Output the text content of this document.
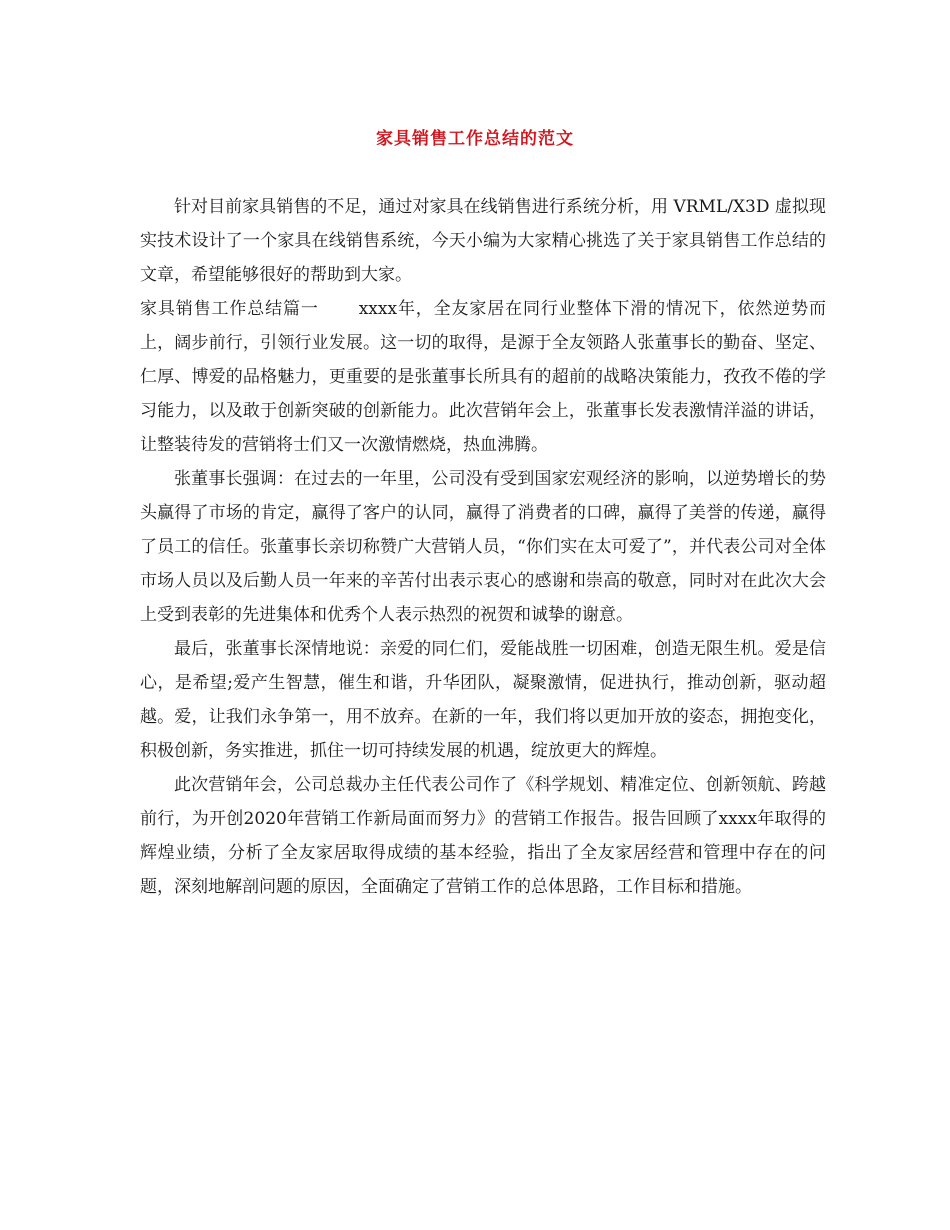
家具销售工作总结的范文

针对目前家具销售的不足，通过对家具在线销售进行系统分析，用 VRML/X3D 虚拟现实技术设计了一个家具在线销售系统，今天小编为大家精心挑选了关于家具销售工作总结的文章，希望能够很好的帮助到大家。

家具销售工作总结篇一 xxxx年，全友家居在同行业整体下滑的情况下，依然逆势而上，阔步前行，引领行业发展。这一切的取得，是源于全友领路人张董事长的勤奋、坚定、仁厚、博爱的品格魅力，更重要的是张董事长所具有的超前的战略决策能力，孜孜不倦的学习能力，以及敢于创新突破的创新能力。此次营销年会上，张董事长发表激情洋溢的讲话，让整装待发的营销将士们又一次激情燃烧，热血沸腾。

张董事长强调：在过去的一年里，公司没有受到国家宏观经济的影响，以逆势增长的势头赢得了市场的肯定，赢得了客户的认同，赢得了消费者的口碑，赢得了美誉的传递，赢得了员工的信任。张董事长亲切称赞广大营销人员，“你们实在太可爱了”，并代表公司对全体市场人员以及后勤人员一年来的辛苦付出表示衷心的感谢和崇高的敬意，同时对在此次大会上受到表彰的先进集体和优秀个人表示热烈的祝贺和诚挚的谢意。

最后，张董事长深情地说：亲爱的同仁们，爱能战胜一切困难，创造无限生机。爱是信心，是希望;爱产生智慧，催生和谐，升华团队，凝聚激情，促进执行，推动创新，驱动超越。爱，让我们永争第一，用不放弃。在新的一年，我们将以更加开放的姿态，拥抱变化，积极创新，务实推进，抓住一切可持续发展的机遇，绽放更大的辉煌。

此次营销年会，公司总裁办主任代表公司作了《科学规划、精准定位、创新领航、跨越前行，为开创2020年营销工作新局面而努力》的营销工作报告。报告回顾了xxxx年取得的辉煌业绩，分析了全友家居取得成绩的基本经验，指出了全友家居经营和管理中存在的问题，深刻地解剖问题的原因，全面确定了营销工作的总体思路，工作目标和措施。
